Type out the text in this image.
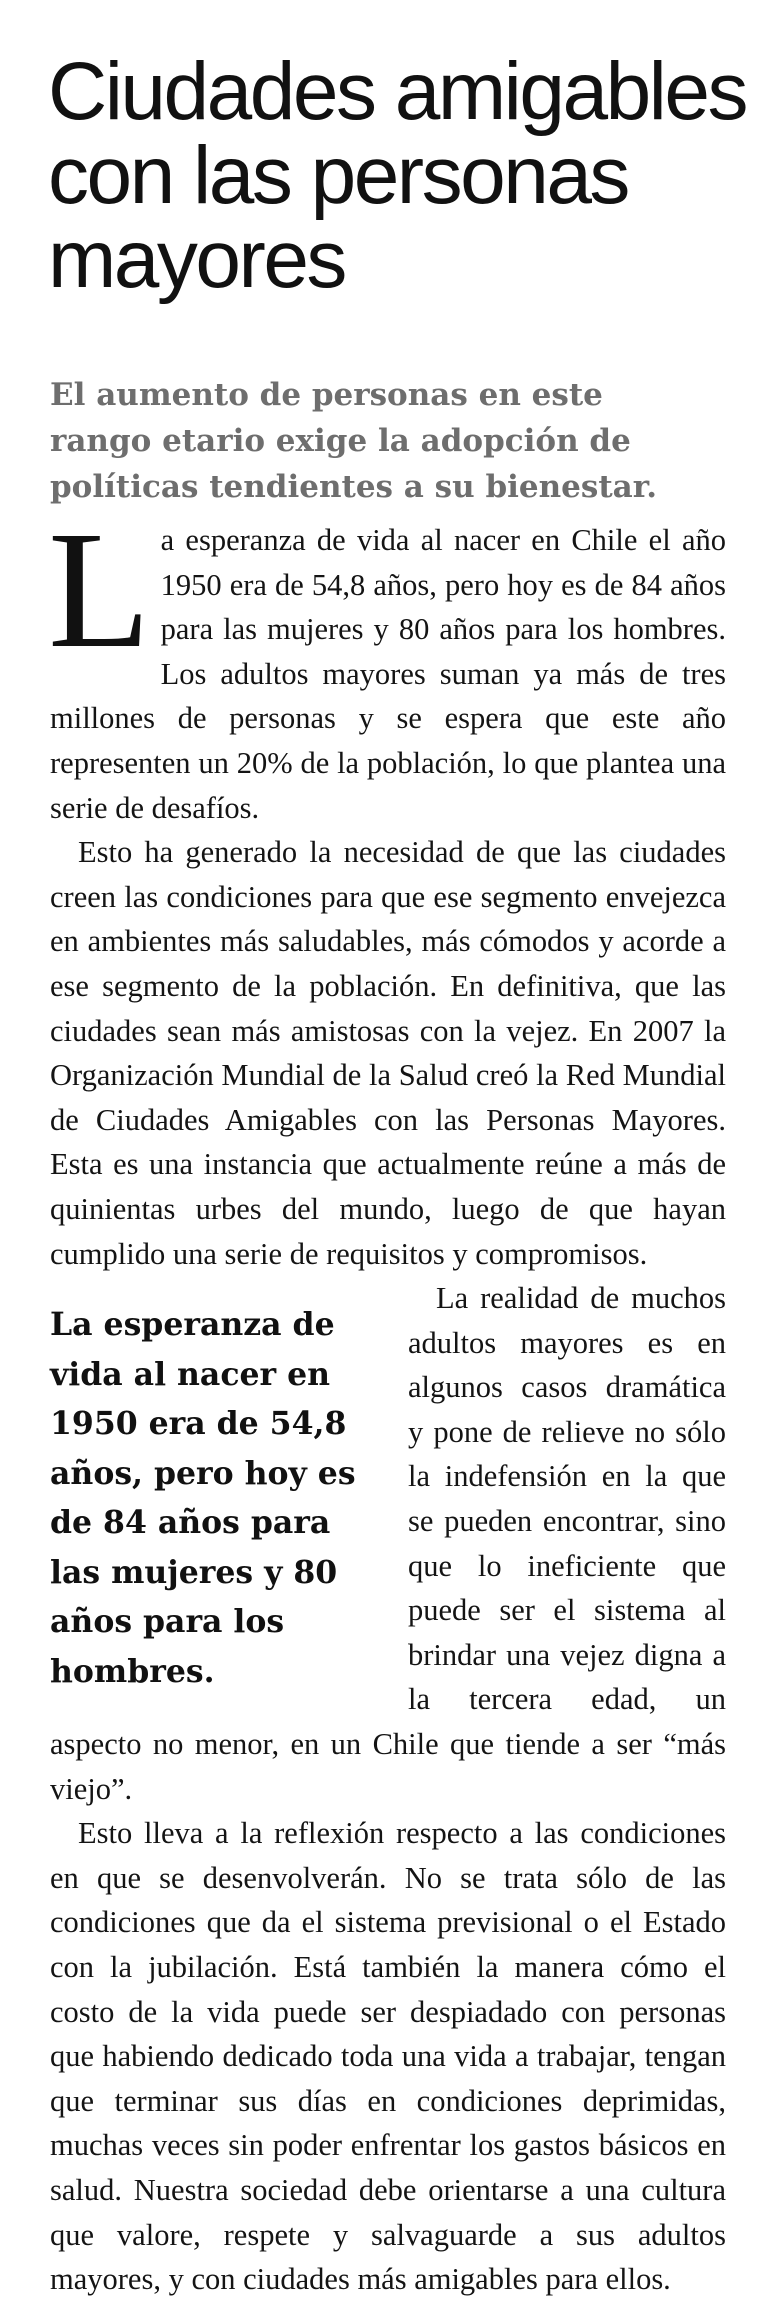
Ciudades amigables con las personas mayores

El aumento de personas en este rango etario exige la adopción de políticas tendientes a su bienestar.

La esperanza de vida al nacer en Chile el año 1950 era de 54,8 años, pero hoy es de 84 años para las mujeres y 80 años para los hombres. Los adultos mayores suman ya más de tres millones de personas y se espera que este año representen un 20% de la población, lo que plantea una serie de desafíos.

Esto ha generado la necesidad de que las ciudades creen las condiciones para que ese segmento envejezca en ambientes más saludables, más cómodos y acorde a ese segmento de la población. En definitiva, que las ciudades sean más amistosas con la vejez. En 2007 la Organización Mundial de la Salud creó la Red Mundial de Ciudades Amigables con las Personas Mayores. Esta es una instancia que actualmente reúne a más de quinientas urbes del mundo, luego de que hayan cumplido una serie de requisitos y compromisos.

La esperanza de vida al nacer en 1950 era de 54,8 años, pero hoy es de 84 años para las mujeres y 80 años para los hombres.

La realidad de muchos adultos mayores es en algunos casos dramática y pone de relieve no sólo la indefensión en la que se pueden encontrar, sino que lo ineficiente que puede ser el sistema al brindar una vejez digna a la tercera edad, un aspecto no menor, en un Chile que tiende a ser “más viejo”.

Esto lleva a la reflexión respecto a las condiciones en que se desenvolverán. No se trata sólo de las condiciones que da el sistema previsional o el Estado con la jubilación. Está también la manera cómo el costo de la vida puede ser despiadado con personas que habiendo dedicado toda una vida a trabajar, tengan que terminar sus días en condiciones deprimidas, muchas veces sin poder enfrentar los gastos básicos en salud. Nuestra sociedad debe orientarse a una cultura que valore, respete y salvaguarde a sus adultos mayores, y con ciudades más amigables para ellos.
